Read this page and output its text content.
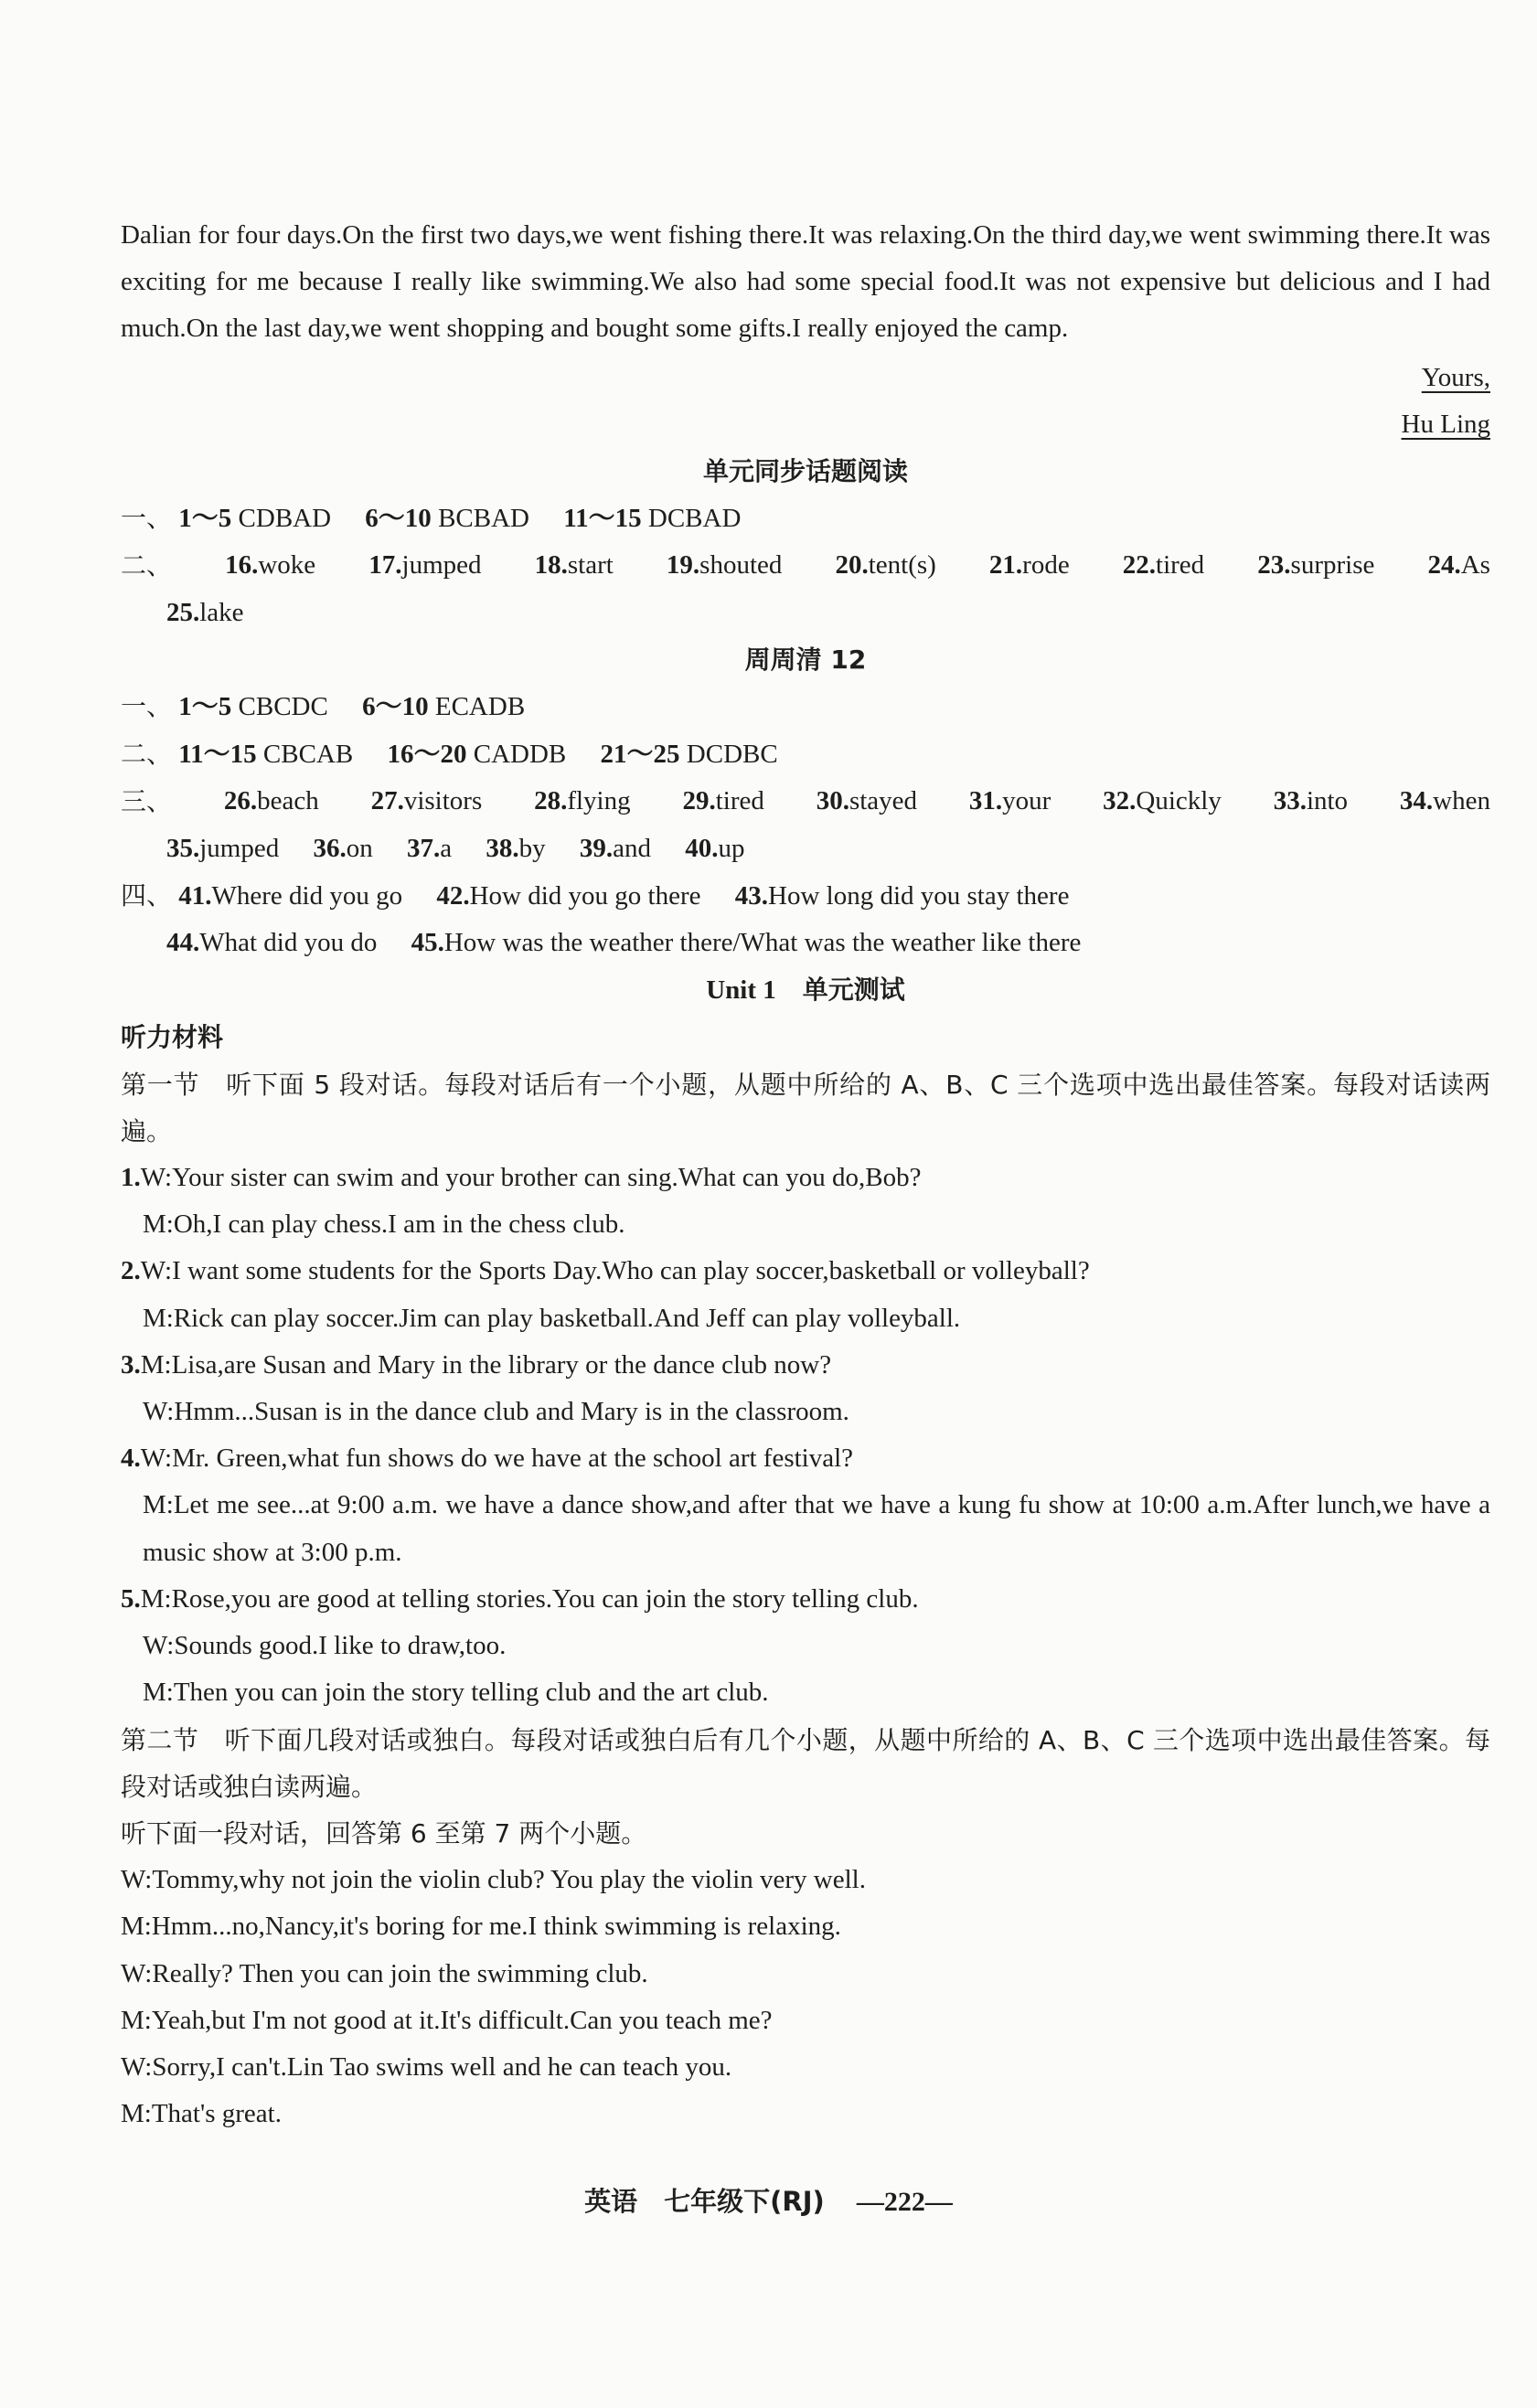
Dalian for four days.On the first two days,we went fishing there.It was relaxing.On the third day,we went swimming there.It was exciting for me because I really like swimming.We also had some special food.It was not expensive but delicious and I had much.On the last day,we went shopping and bought some gifts.I really enjoyed the camp.
Yours,
Hu Ling
单元同步话题阅读
一、 1～5 CDBAD 6～10 BCBAD 11～15 DCBAD
二、 16.woke 17.jumped 18.start 19.shouted 20.tent(s) 21.rode 22.tired 23.surprise 24.As
25.lake
周周清 12
一、 1～5 CBCDC 6～10 ECADB
二、 11～15 CBCAB 16～20 CADDB 21～25 DCDBC
三、 26.beach 27.visitors 28.flying 29.tired 30.stayed 31.your 32.Quickly 33.into 34.when
35.jumped 36.on 37.a 38.by 39.and 40.up
四、 41.Where did you go 42.How did you go there 43.How long did you stay there
44.What did you do 45.How was the weather there/What was the weather like there
Unit 1　 单元测试
听力材料
第一节　听下面 5 段对话。每段对话后有一个小题，从题中所给的 A、B、C 三个选项中选出最佳答案。每段对话读两遍。
1.W:Your sister can swim and your brother can sing.What can you do,Bob?
M:Oh,I can play chess.I am in the chess club.
2.W:I want some students for the Sports Day.Who can play soccer,basketball or volleyball?
M:Rick can play soccer.Jim can play basketball.And Jeff can play volleyball.
3.M:Lisa,are Susan and Mary in the library or the dance club now?
W:Hmm...Susan is in the dance club and Mary is in the classroom.
4.W:Mr. Green,what fun shows do we have at the school art festival?
M:Let me see...at 9:00 a.m. we have a dance show,and after that we have a kung fu show at 10:00 a.m.After lunch,we have a music show at 3:00 p.m.
5.M:Rose,you are good at telling stories.You can join the story telling club.
W:Sounds good.I like to draw,too.
M:Then you can join the story telling club and the art club.
第二节　听下面几段对话或独白。每段对话或独白后有几个小题，从题中所给的 A、B、C 三个选项中选出最佳答案。每段对话或独白读两遍。
听下面一段对话，回答第 6 至第 7 两个小题。
W:Tommy,why not join the violin club? You play the violin very well.
M:Hmm...no,Nancy,it's boring for me.I think swimming is relaxing.
W:Really? Then you can join the swimming club.
M:Yeah,but I'm not good at it.It's difficult.Can you teach me?
W:Sorry,I can't.Lin Tao swims well and he can teach you.
M:That's great.
英语　七年级下(RJ) —222—
